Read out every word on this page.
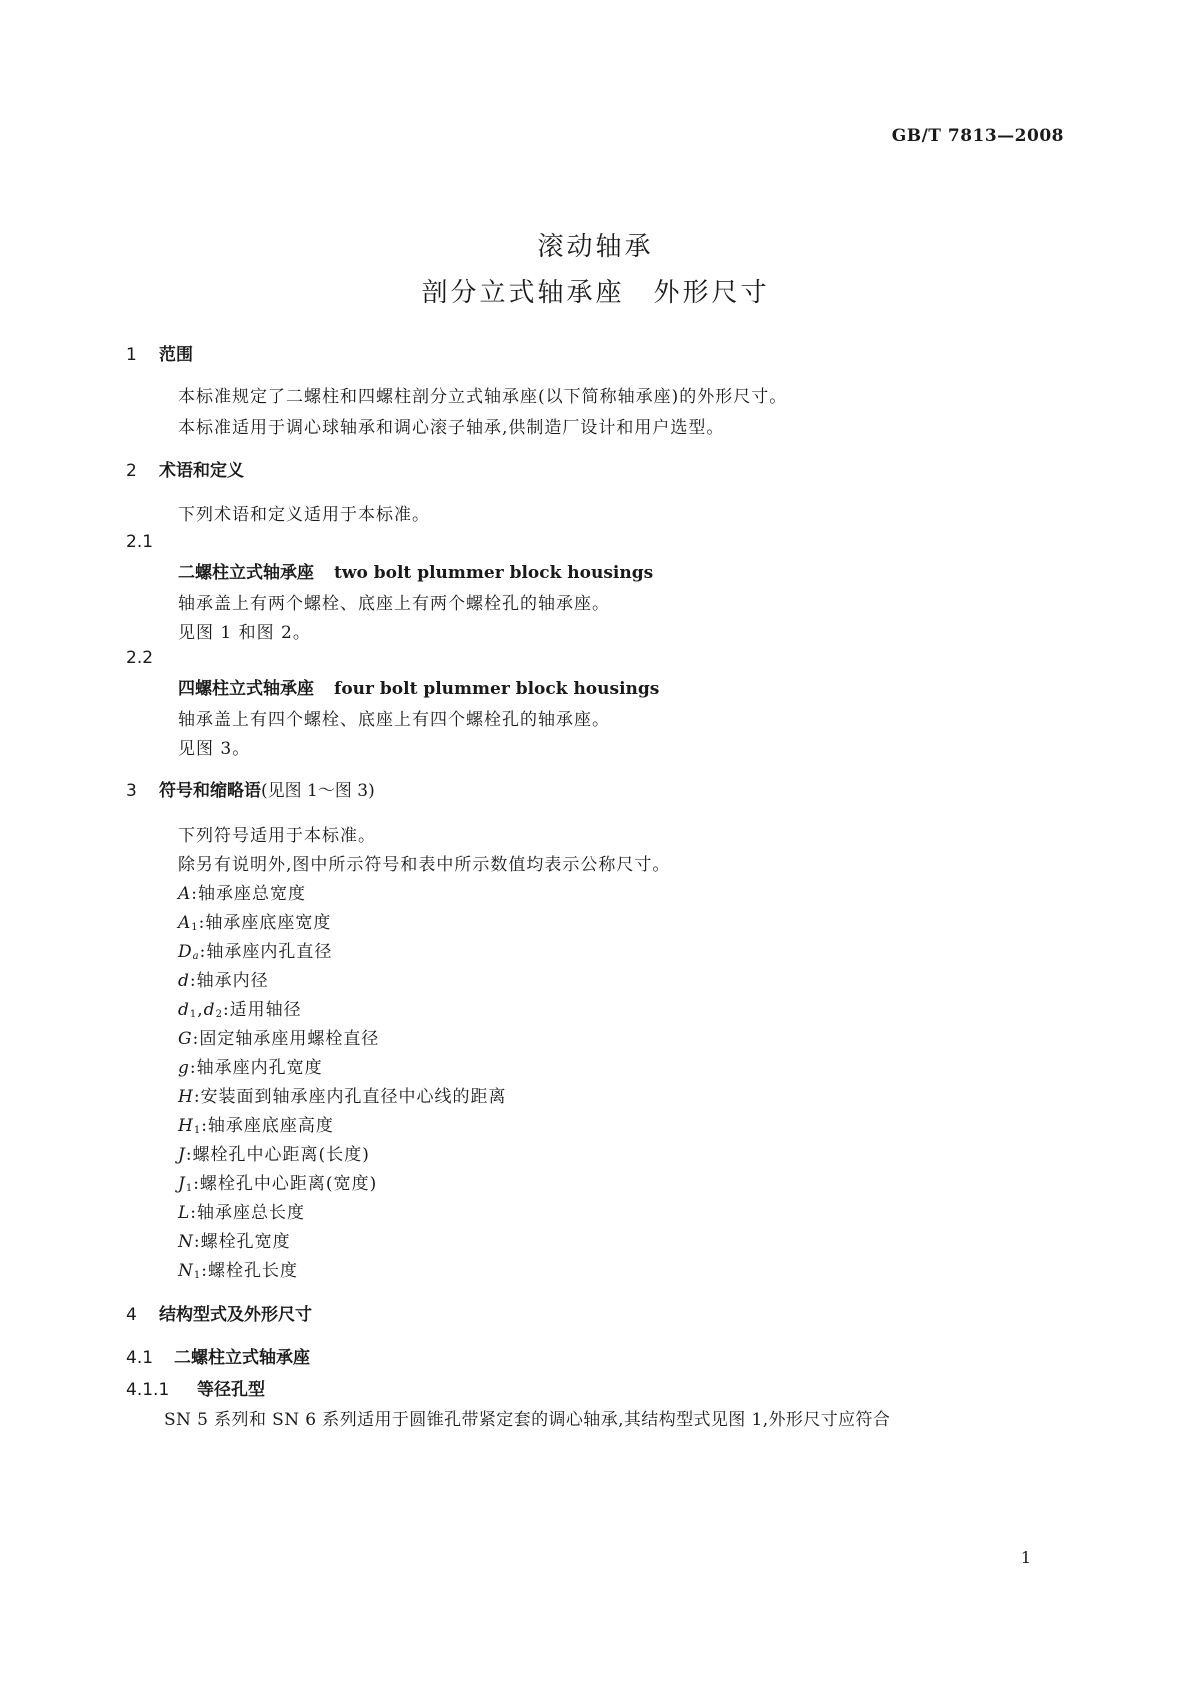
GB/T 7813—2008
滚动轴承
剖分立式轴承座　外形尺寸
1 范围
本标准规定了二螺柱和四螺柱剖分立式轴承座(以下简称轴承座)的外形尺寸。
本标准适用于调心球轴承和调心滚子轴承,供制造厂设计和用户选型。
2 术语和定义
下列术语和定义适用于本标准。
2.1
二螺柱立式轴承座 two bolt plummer block housings
轴承盖上有两个螺栓、底座上有两个螺栓孔的轴承座。
见图 1 和图 2。
2.2
四螺柱立式轴承座 four bolt plummer block housings
轴承盖上有四个螺栓、底座上有四个螺栓孔的轴承座。
见图 3。
3 符号和缩略语(见图 1～图 3)
下列符号适用于本标准。
除另有说明外,图中所示符号和表中所示数值均表示公称尺寸。
A:轴承座总宽度
$A_1$:轴承座底座宽度
Da:轴承座内孔直径
d:轴承内径
$d_1,d_2$:适用轴径
G:固定轴承座用螺栓直径
g:轴承座内孔宽度
H:安装面到轴承座内孔直径中心线的距离
$H_1$:轴承座底座高度
J:螺栓孔中心距离(长度)
$J_1$:螺栓孔中心距离(宽度)
L:轴承座总长度
N:螺栓孔宽度
$N_1$:螺栓孔长度
4 结构型式及外形尺寸
4.1 二螺柱立式轴承座
4.1.1 等径孔型
SN 5 系列和 SN 6 系列适用于圆锥孔带紧定套的调心轴承,其结构型式见图 1,外形尺寸应符合
1
